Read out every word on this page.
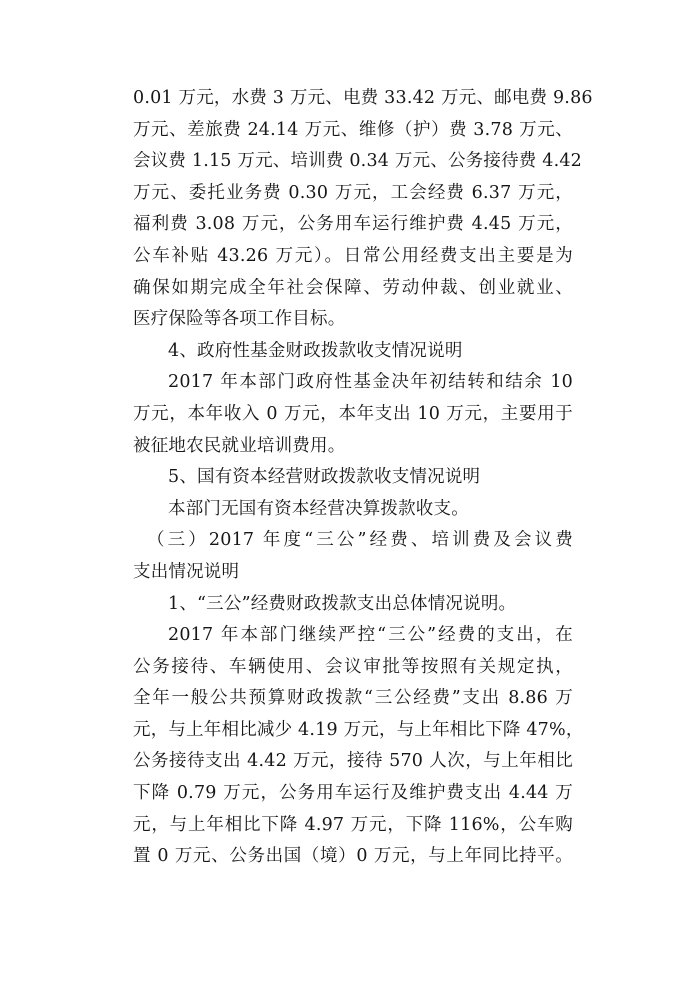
0.01 万元，水费 3 万元、电费 33.42 万元、邮电费 9.86
万元、差旅费 24.14 万元、维修（护）费 3.78 万元、
会议费 1.15 万元、培训费 0.34 万元、公务接待费 4.42
万元、委托业务费 0.30 万元，工会经费 6.37 万元，
福利费 3.08 万元，公务用车运行维护费 4.45 万元，
公车补贴 43.26 万元）。日常公用经费支出主要是为
确保如期完成全年社会保障、劳动仲裁、创业就业、
医疗保险等各项工作目标。
4、政府性基金财政拨款收支情况说明
2017 年本部门政府性基金决年初结转和结余 10
万元，本年收入 0 万元，本年支出 10 万元，主要用于
被征地农民就业培训费用。
5、国有资本经营财政拨款收支情况说明
本部门无国有资本经营决算拨款收支。
（三）2017 年度“三公”经费、培训费及会议费
支出情况说明
1、“三公”经费财政拨款支出总体情况说明。
2017 年本部门继续严控“三公”经费的支出，在
公务接待、车辆使用、会议审批等按照有关规定执，
全年一般公共预算财政拨款“三公经费”支出 8.86 万
元，与上年相比减少 4.19 万元，与上年相比下降 47%，
公务接待支出 4.42 万元，接待 570 人次，与上年相比
下降 0.79 万元，公务用车运行及维护费支出 4.44 万
元，与上年相比下降 4.97 万元，下降 116%，公车购
置 0 万元、公务出国（境）0 万元，与上年同比持平。
